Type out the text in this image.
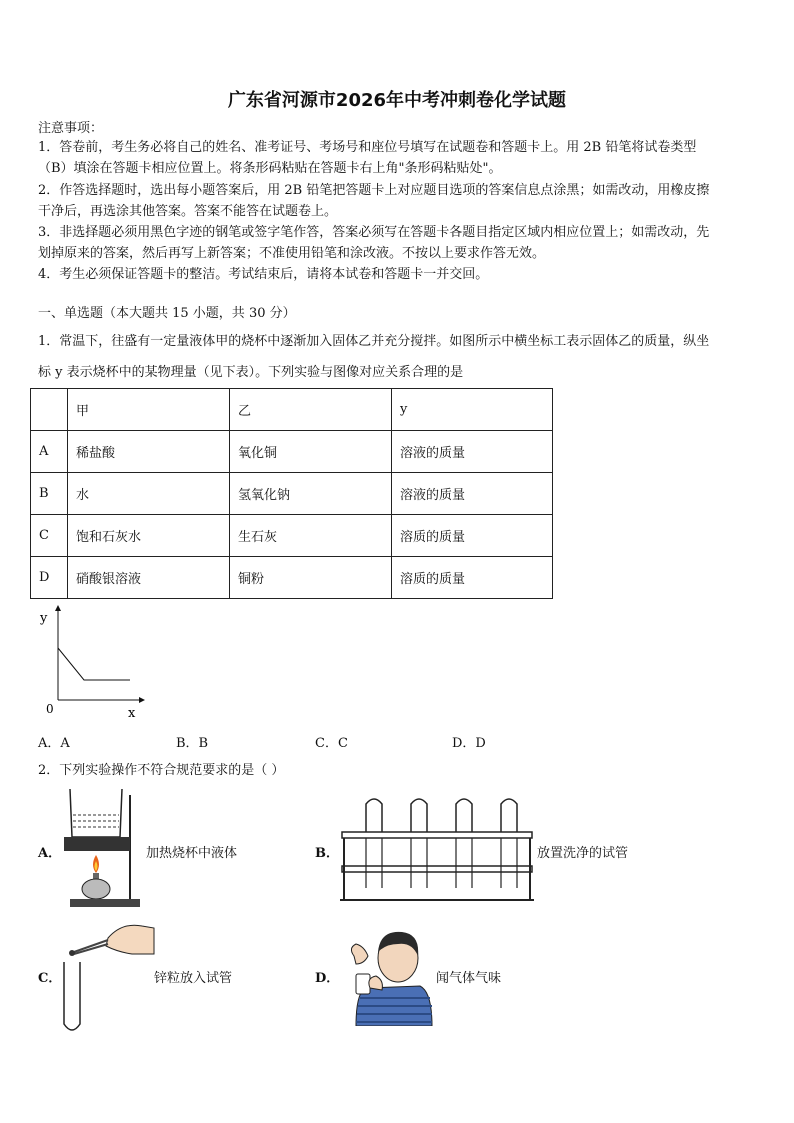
广东省河源市2026年中考冲刺卷化学试题
注意事项：
1．答卷前，考生务必将自己的姓名、准考证号、考场号和座位号填写在试题卷和答题卡上。用 2B 铅笔将试卷类型
（B）填涂在答题卡相应位置上。将条形码粘贴在答题卡右上角"条形码粘贴处"。
2．作答选择题时，选出每小题答案后，用 2B 铅笔把答题卡上对应题目选项的答案信息点涂黑；如需改动，用橡皮擦
干净后，再选涂其他答案。答案不能答在试题卷上。
3．非选择题必须用黑色字迹的钢笔或签字笔作答，答案必须写在答题卡各题目指定区域内相应位置上；如需改动，先
划掉原来的答案，然后再写上新答案；不准使用铅笔和涂改液。不按以上要求作答无效。
4．考生必须保证答题卡的整洁。考试结束后，请将本试卷和答题卡一并交回。
一、单选题（本大题共 15 小题，共 30 分）
1．常温下，往盛有一定量液体甲的烧杯中逐渐加入固体乙并充分搅拌。如图所示中横坐标工表示固体乙的质量，纵坐
标 y 表示烧杯中的某物理量（见下表）。下列实验与图像对应关系合理的是
	甲	乙	y
A	稀盐酸	氧化铜	溶液的质量
B	水	氢氧化钠	溶液的质量
C	饱和石灰水	生石灰	溶质的质量
D	硝酸银溶液	铜粉	溶质的质量
y
x
0
A．A	B．B	C．C	D．D
2．下列实验操作不符合规范要求的是（ ）
A．	加热烧杯中液体	B．	放置洗净的试管
C．	锌粒放入试管	D．	闻气体气味
